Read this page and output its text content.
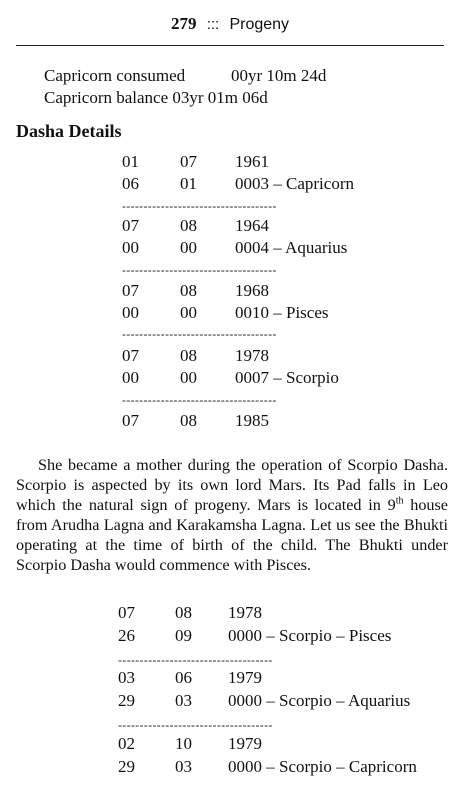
279 ::: Progeny
Capricorn consumed	00yr 10m 24d
Capricorn balance 03yr 01m 06d
Dasha Details
01 07 1961
06 01 0003 – Capricorn
------------------------------------
07 08 1964
00 00 0004 – Aquarius
------------------------------------
07 08 1968
00 00 0010 – Pisces
------------------------------------
07 08 1978
00 00 0007 – Scorpio
------------------------------------
07 08 1985

She became a mother during the operation of Scorpio Dasha. Scorpio is aspected by its own lord Mars. Its Pad falls in Leo which the natural sign of progeny. Mars is located in 9th house from Arudha Lagna and Karakamsha Lagna. Let us see the Bhukti operating at the time of birth of the child. The Bhukti under Scorpio Dasha would commence with Pisces.

07 08 1978
26 09 0000 – Scorpio – Pisces
------------------------------------
03 06 1979
29 03 0000 – Scorpio – Aquarius
------------------------------------
02 10 1979
29 03 0000 – Scorpio – Capricorn
